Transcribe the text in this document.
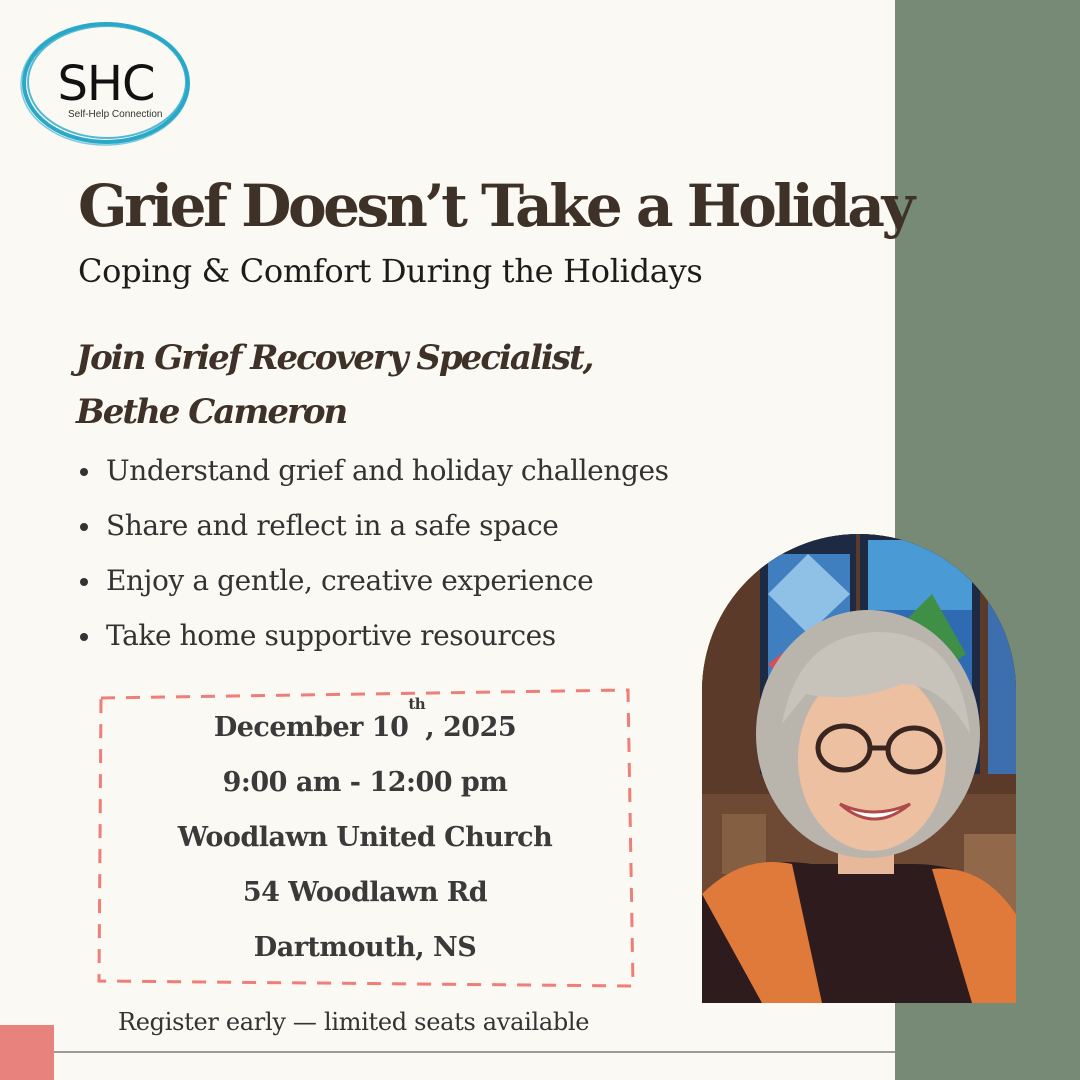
SHC
Self-Help Connection
Grief Doesn’t Take a Holiday
Coping & Comfort During the Holidays
Join Grief Recovery Specialist,
Bethe Cameron
Understand grief and holiday challenges
Share and reflect in a safe space
Enjoy a gentle, creative experience
Take home supportive resources
December 10th, 2025
9:00 am - 12:00 pm
Woodlawn United Church
54 Woodlawn Rd
Dartmouth, NS
Register early — limited seats available
